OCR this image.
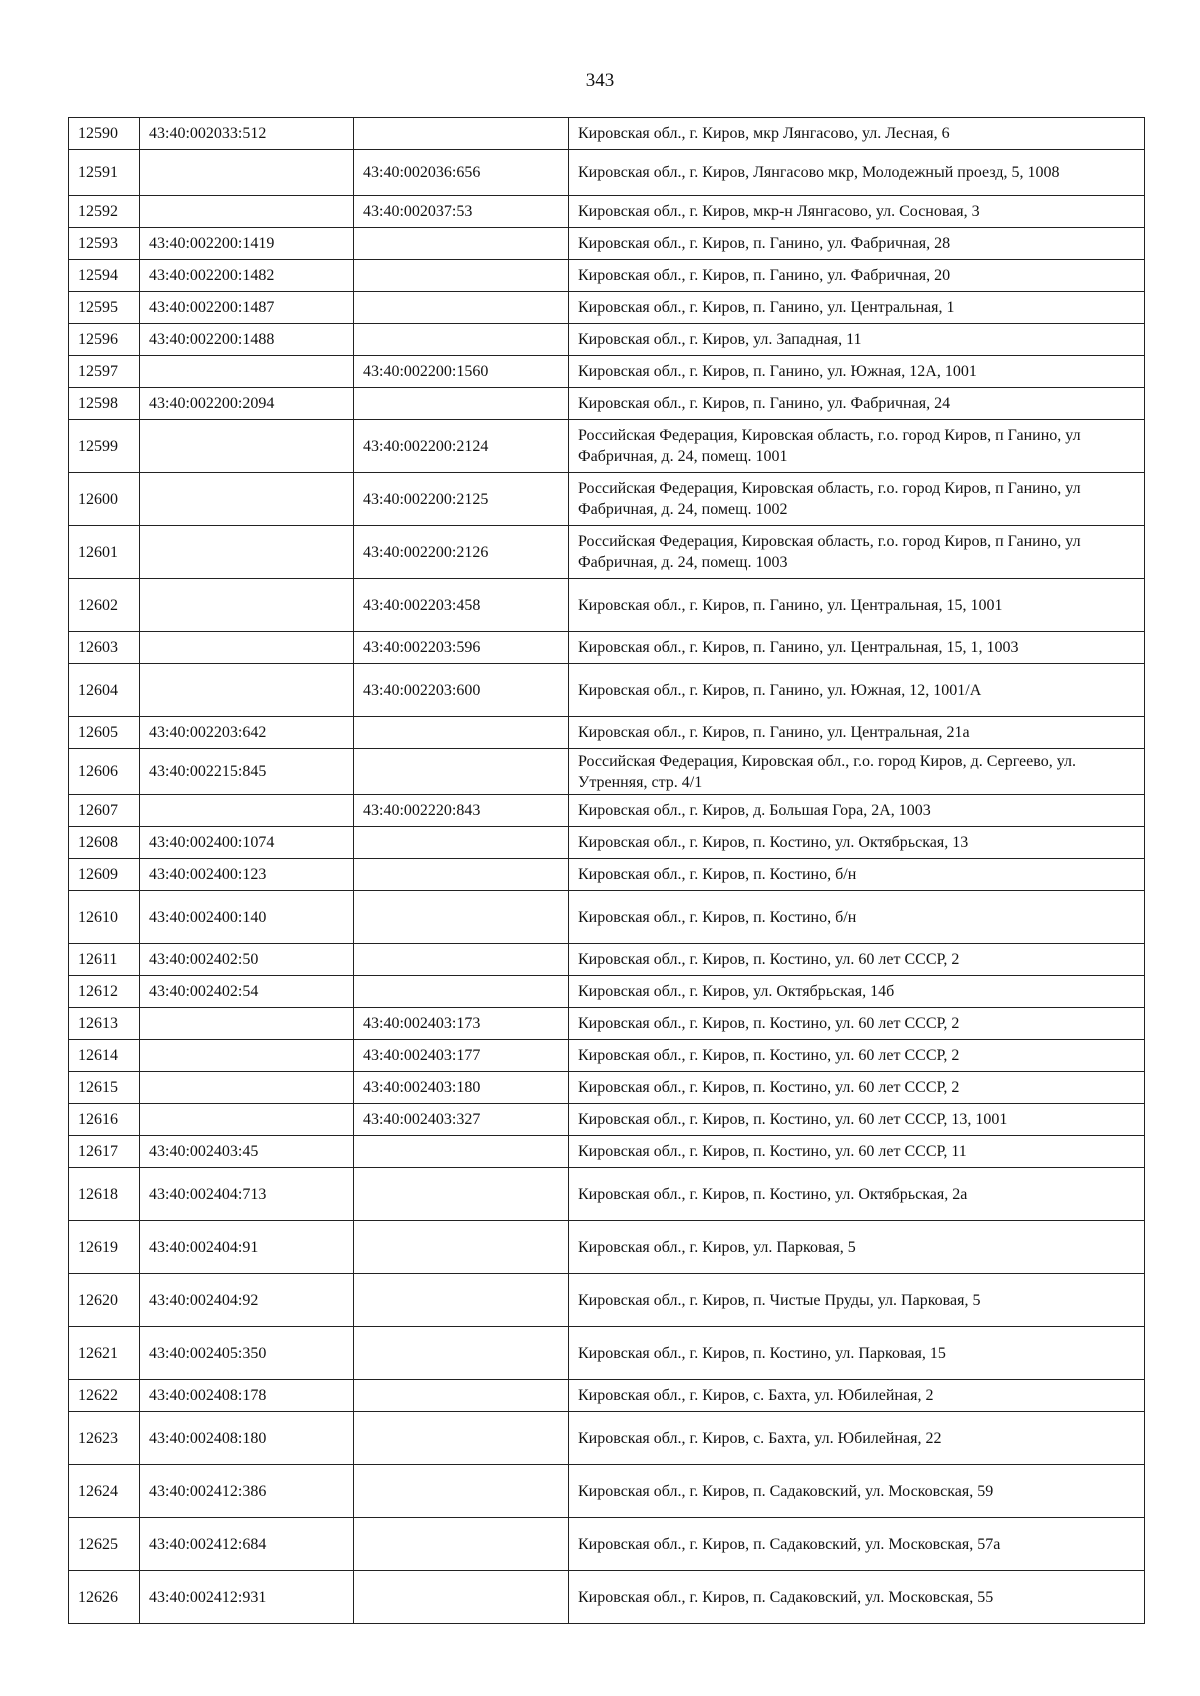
343
12590	43:40:002033:512		Кировская обл., г. Киров, мкр Лянгасово, ул. Лесная, 6
12591		43:40:002036:656	Кировская обл., г. Киров, Лянгасово мкр, Молодежный проезд, 5, 1008
12592		43:40:002037:53	Кировская обл., г. Киров, мкр-н Лянгасово, ул. Сосновая, 3
12593	43:40:002200:1419		Кировская обл., г. Киров, п. Ганино, ул. Фабричная, 28
12594	43:40:002200:1482		Кировская обл., г. Киров, п. Ганино, ул. Фабричная, 20
12595	43:40:002200:1487		Кировская обл., г. Киров, п. Ганино, ул. Центральная, 1
12596	43:40:002200:1488		Кировская обл., г. Киров, ул. Западная, 11
12597		43:40:002200:1560	Кировская обл., г. Киров, п. Ганино, ул. Южная, 12А, 1001
12598	43:40:002200:2094		Кировская обл., г. Киров, п. Ганино, ул. Фабричная, 24
12599		43:40:002200:2124	Российская Федерация, Кировская область, г.о. город Киров, п Ганино, ул Фабричная, д. 24, помещ. 1001
12600		43:40:002200:2125	Российская Федерация, Кировская область, г.о. город Киров, п Ганино, ул Фабричная, д. 24, помещ. 1002
12601		43:40:002200:2126	Российская Федерация, Кировская область, г.о. город Киров, п Ганино, ул Фабричная, д. 24, помещ. 1003
12602		43:40:002203:458	Кировская обл., г. Киров, п. Ганино, ул. Центральная, 15, 1001
12603		43:40:002203:596	Кировская обл., г. Киров, п. Ганино, ул. Центральная, 15, 1, 1003
12604		43:40:002203:600	Кировская обл., г. Киров, п. Ганино, ул. Южная, 12, 1001/А
12605	43:40:002203:642		Кировская обл., г. Киров, п. Ганино, ул. Центральная, 21а
12606	43:40:002215:845		Российская Федерация, Кировская обл., г.о. город Киров, д. Сергеево, ул. Утренняя, стр. 4/1
12607		43:40:002220:843	Кировская обл., г. Киров, д. Большая Гора, 2А, 1003
12608	43:40:002400:1074		Кировская обл., г. Киров, п. Костино, ул. Октябрьская, 13
12609	43:40:002400:123		Кировская обл., г. Киров, п. Костино, б/н
12610	43:40:002400:140		Кировская обл., г. Киров, п. Костино, б/н
12611	43:40:002402:50		Кировская обл., г. Киров, п. Костино, ул. 60 лет СССР, 2
12612	43:40:002402:54		Кировская обл., г. Киров, ул. Октябрьская, 14б
12613		43:40:002403:173	Кировская обл., г. Киров, п. Костино, ул. 60 лет СССР, 2
12614		43:40:002403:177	Кировская обл., г. Киров, п. Костино, ул. 60 лет СССР, 2
12615		43:40:002403:180	Кировская обл., г. Киров, п. Костино, ул. 60 лет СССР, 2
12616		43:40:002403:327	Кировская обл., г. Киров, п. Костино, ул. 60 лет СССР, 13, 1001
12617	43:40:002403:45		Кировская обл., г. Киров, п. Костино, ул. 60 лет СССР, 11
12618	43:40:002404:713		Кировская обл., г. Киров, п. Костино, ул. Октябрьская, 2а
12619	43:40:002404:91		Кировская обл., г. Киров, ул. Парковая, 5
12620	43:40:002404:92		Кировская обл., г. Киров, п. Чистые Пруды, ул. Парковая, 5
12621	43:40:002405:350		Кировская обл., г. Киров, п. Костино, ул. Парковая, 15
12622	43:40:002408:178		Кировская обл., г. Киров, с. Бахта, ул. Юбилейная, 2
12623	43:40:002408:180		Кировская обл., г. Киров, с. Бахта, ул. Юбилейная, 22
12624	43:40:002412:386		Кировская обл., г. Киров, п. Садаковский, ул. Московская, 59
12625	43:40:002412:684		Кировская обл., г. Киров, п. Садаковский, ул. Московская, 57а
12626	43:40:002412:931		Кировская обл., г. Киров, п. Садаковский, ул. Московская, 55
